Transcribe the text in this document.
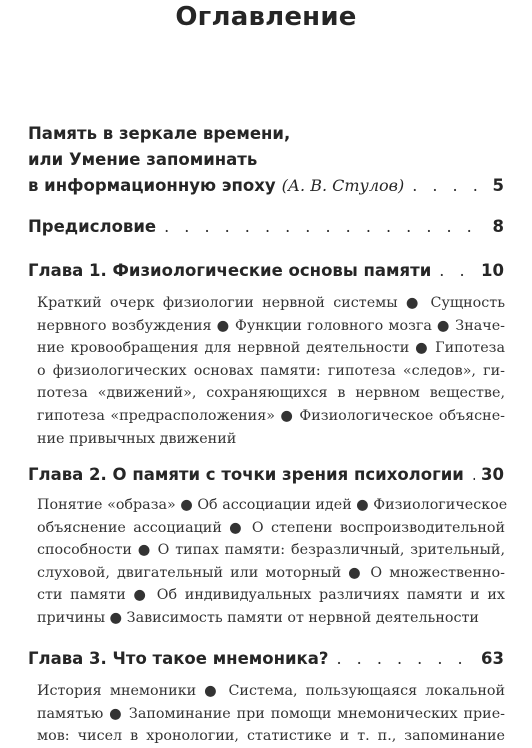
Оглавление
Память в зеркале времени,
или Умение запоминать
в информационную эпоху (А. В. Стулов) . . .	5
Предисловие . . .	8
Глава 1. Физиологические основы памяти . . .	10
Краткий очерк физиологии нервной системы ● Сущность
нервного возбуждения ● Функции головного мозга ● Значе-
ние кровообращения для нервной деятельности ● Гипотеза
о физиологических основах памяти: гипотеза «следов», ги-
потеза «движений», сохраняющихся в нервном веществе,
гипотеза «предрасположения» ● Физиологическое объясне-
ние привычных движений
Глава 2. О памяти с точки зрения психологии . . . 30
Понятие «образа» ● Об ассоциации идей ● Физиологическое
объяснение ассоциаций ● О степени воспроизводительной
способности ● О типах памяти: безразличный, зрительный,
слуховой, двигательный или моторный ● О множественно-
сти памяти ● Об индивидуальных различиях памяти и их
причины ● Зависимость памяти от нервной деятельности
Глава 3. Что такое мнемоника? . . .	63
История мнемоники ● Система, пользующаяся локальной
памятью ● Запоминание при помощи мнемонических прие-
мов: чисел в хронологии, статистике и т. п., запоминание
